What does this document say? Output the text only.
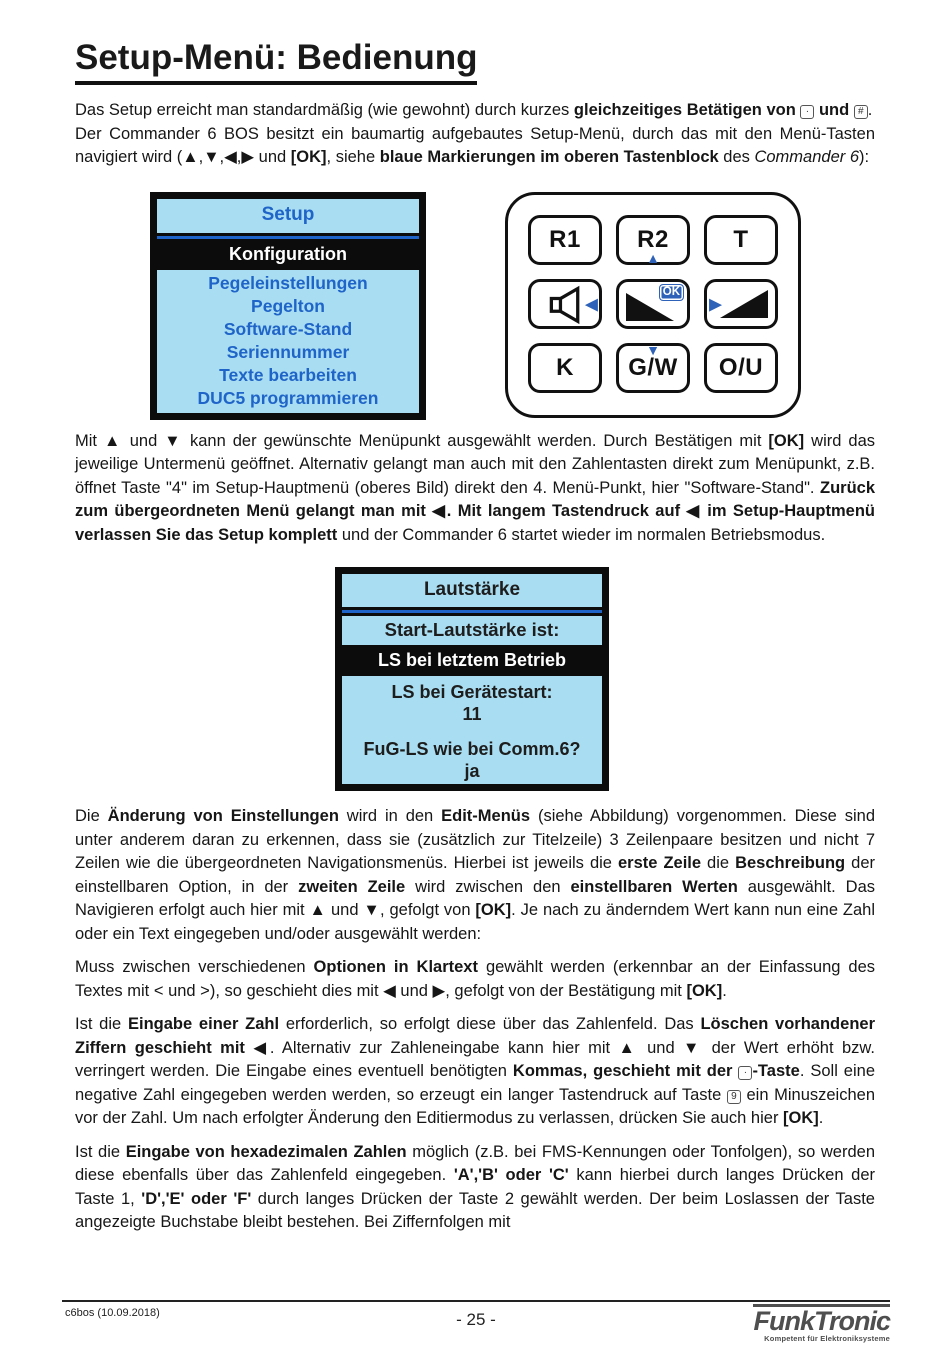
Setup-Menü: Bedienung

Das Setup erreicht man standardmäßig (wie gewohnt) durch kurzes gleichzeitiges Betätigen von · und # .

Der Commander 6 BOS besitzt ein baumartig aufgebautes Setup-Menü, durch das mit den Menü-Tasten navigiert wird (▲,▼,◀,▶ und [OK], siehe blaue Markierungen im oberen Tastenblock des Commander 6):

Setup
Konfiguration
Pegeleinstellungen
Pegelton
Software-Stand
Seriennummer
Texte bearbeiten
DUC5 programmieren
R1 R2
▲
T
◀
OK
▶
K
▼
G/W O/U

Mit ▲ und ▼ kann der gewünschte Menüpunkt ausgewählt werden. Durch Bestätigen mit [OK] wird das jeweilige Untermenü geöffnet. Alternativ gelangt man auch mit den Zahlentasten direkt zum Menüpunkt, z.B. öffnet Taste "4" im Setup-Hauptmenü (oberes Bild) direkt den 4. Menü-Punkt, hier "Software-Stand". Zurück zum übergeordneten Menü gelangt man mit ◀. Mit langem Tastendruck auf ◀ im Setup-Hauptmenü verlassen Sie das Setup komplett und der Commander 6 startet wieder im normalen Betriebsmodus.

Lautstärke
Start-Lautstärke ist:
LS bei letztem Betrieb
LS bei Gerätestart:
11
FuG-LS wie bei Comm.6?
ja

Die Änderung von Einstellungen wird in den Edit-Menüs (siehe Abbildung) vorgenommen. Diese sind unter anderem daran zu erkennen, dass sie (zusätzlich zur Titelzeile) 3 Zeilenpaare besitzen und nicht 7 Zeilen wie die übergeordneten Navigationsmenüs. Hierbei ist jeweils die erste Zeile die Beschreibung der einstellbaren Option, in der zweiten Zeile wird zwischen den einstellbaren Werten ausgewählt. Das Navigieren erfolgt auch hier mit ▲ und ▼, gefolgt von [OK]. Je nach zu änderndem Wert kann nun eine Zahl oder ein Text eingegeben und/oder ausgewählt werden:

Muss zwischen verschiedenen Optionen in Klartext gewählt werden (erkennbar an der Einfassung des Textes mit < und >), so geschieht dies mit ◀ und ▶, gefolgt von der Bestätigung mit [OK].

Ist die Eingabe einer Zahl erforderlich, so erfolgt diese über das Zahlenfeld. Das Löschen vorhandener Ziffern geschieht mit ◀. Alternativ zur Zahleneingabe kann hier mit ▲ und ▼ der Wert erhöht bzw. verringert werden. Die Eingabe eines eventuell benötigten Kommas, geschieht mit der · -Taste. Soll eine negative Zahl eingegeben werden werden, so erzeugt ein langer Tastendruck auf Taste 9 ein Minuszeichen vor der Zahl. Um nach erfolgter Änderung den Editiermodus zu verlassen, drücken Sie auch hier [OK].

Ist die Eingabe von hexadezimalen Zahlen möglich (z.B. bei FMS-Kennungen oder Tonfolgen), so werden diese ebenfalls über das Zahlenfeld eingegeben. 'A','B' oder 'C' kann hierbei durch langes Drücken der Taste 1, 'D','E' oder 'F' durch langes Drücken der Taste 2 gewählt werden. Der beim Loslassen der Taste angezeigte Buchstabe bleibt bestehen. Bei Ziffernfolgen mit

c6bos (10.09.2018)	- 25 -	FunkTronic
Kompetent für Elektroniksysteme
